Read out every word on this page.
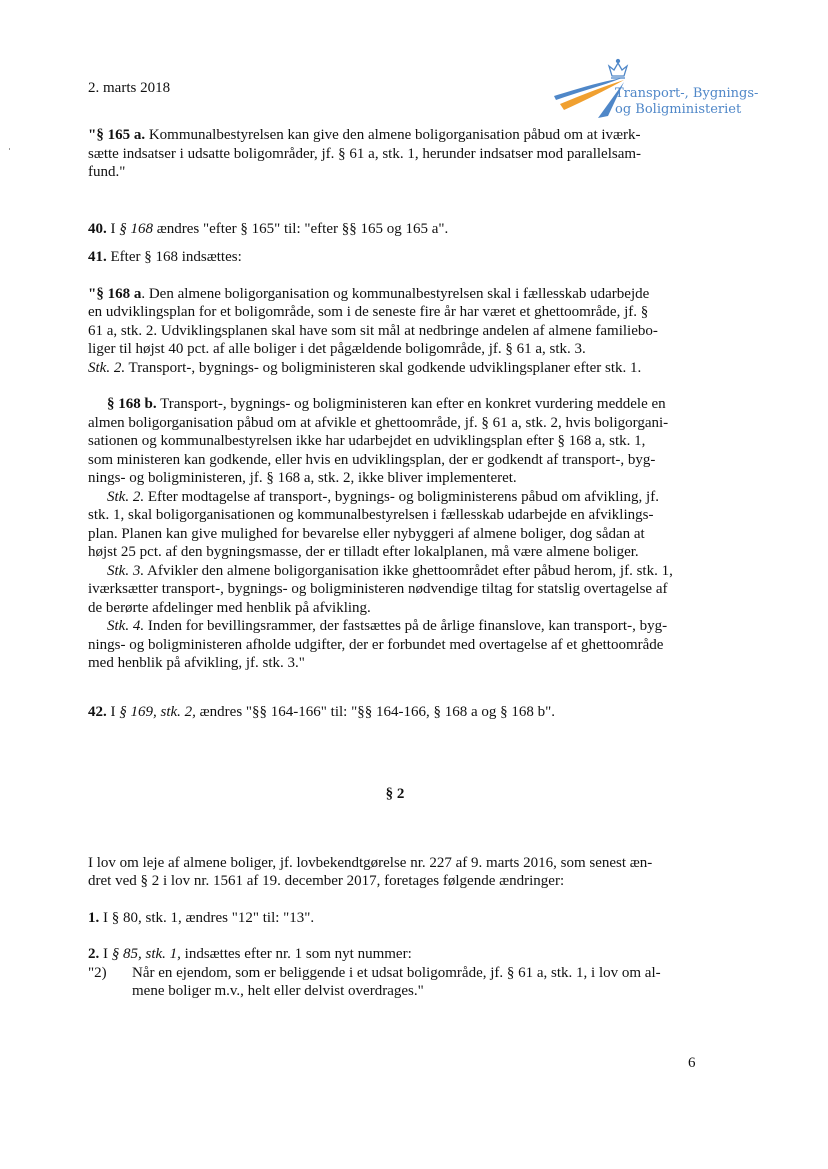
2. marts 2018	Transport-, Bygnings-
og Boligministeriet

"§ 165 a. Kommunalbestyrelsen kan give den almene boligorganisation påbud om at iværk-
sætte indsatser i udsatte boligområder, jf. § 61 a, stk. 1, herunder indsatser mod parallelsam-
fund."

40. I § 168 ændres "efter § 165" til: "efter §§ 165 og 165 a".

41. Efter § 168 indsættes:

"§ 168 a. Den almene boligorganisation og kommunalbestyrelsen skal i fællesskab udarbejde
en udviklingsplan for et boligområde, som i de seneste fire år har været et ghettoområde, jf. §
61 a, stk. 2. Udviklingsplanen skal have som sit mål at nedbringe andelen af almene familiebo-
liger til højst 40 pct. af alle boliger i det pågældende boligområde, jf. § 61 a, stk. 3.

Stk. 2. Transport-, bygnings- og boligministeren skal godkende udviklingsplaner efter stk. 1.

§ 168 b. Transport-, bygnings- og boligministeren kan efter en konkret vurdering meddele en
almen boligorganisation påbud om at afvikle et ghettoområde, jf. § 61 a, stk. 2, hvis boligorgani-
sationen og kommunalbestyrelsen ikke har udarbejdet en udviklingsplan efter § 168 a, stk. 1,
som ministeren kan godkende, eller hvis en udviklingsplan, der er godkendt af transport-, byg-
nings- og boligministeren, jf. § 168 a, stk. 2, ikke bliver implementeret.

Stk. 2. Efter modtagelse af transport-, bygnings- og boligministerens påbud om afvikling, jf.
stk. 1, skal boligorganisationen og kommunalbestyrelsen i fællesskab udarbejde en afviklings-
plan. Planen kan give mulighed for bevarelse eller nybyggeri af almene boliger, dog sådan at
højst 25 pct. af den bygningsmasse, der er tilladt efter lokalplanen, må være almene boliger.

Stk. 3. Afvikler den almene boligorganisation ikke ghettoområdet efter påbud herom, jf. stk. 1,
iværksætter transport-, bygnings- og boligministeren nødvendige tiltag for statslig overtagelse af
de berørte afdelinger med henblik på afvikling.

Stk. 4. Inden for bevillingsrammer, der fastsættes på de årlige finanslove, kan transport-, byg-
nings- og boligministeren afholde udgifter, der er forbundet med overtagelse af et ghettoområde
med henblik på afvikling, jf. stk. 3."

42. I § 169, stk. 2, ændres "§§ 164-166" til: "§§ 164-166, § 168 a og § 168 b".

§ 2

I lov om leje af almene boliger, jf. lovbekendtgørelse nr. 227 af 9. marts 2016, som senest æn-
dret ved § 2 i lov nr. 1561 af 19. december 2017, foretages følgende ændringer:

1. I § 80, stk. 1, ændres "12" til: "13".

2. I § 85, stk. 1, indsættes efter nr. 1 som nyt nummer:

"2)	Når en ejendom, som er beliggende i et udsat boligområde, jf. § 61 a, stk. 1, i lov om al-
mene boliger m.v., helt eller delvist overdrages."
6
